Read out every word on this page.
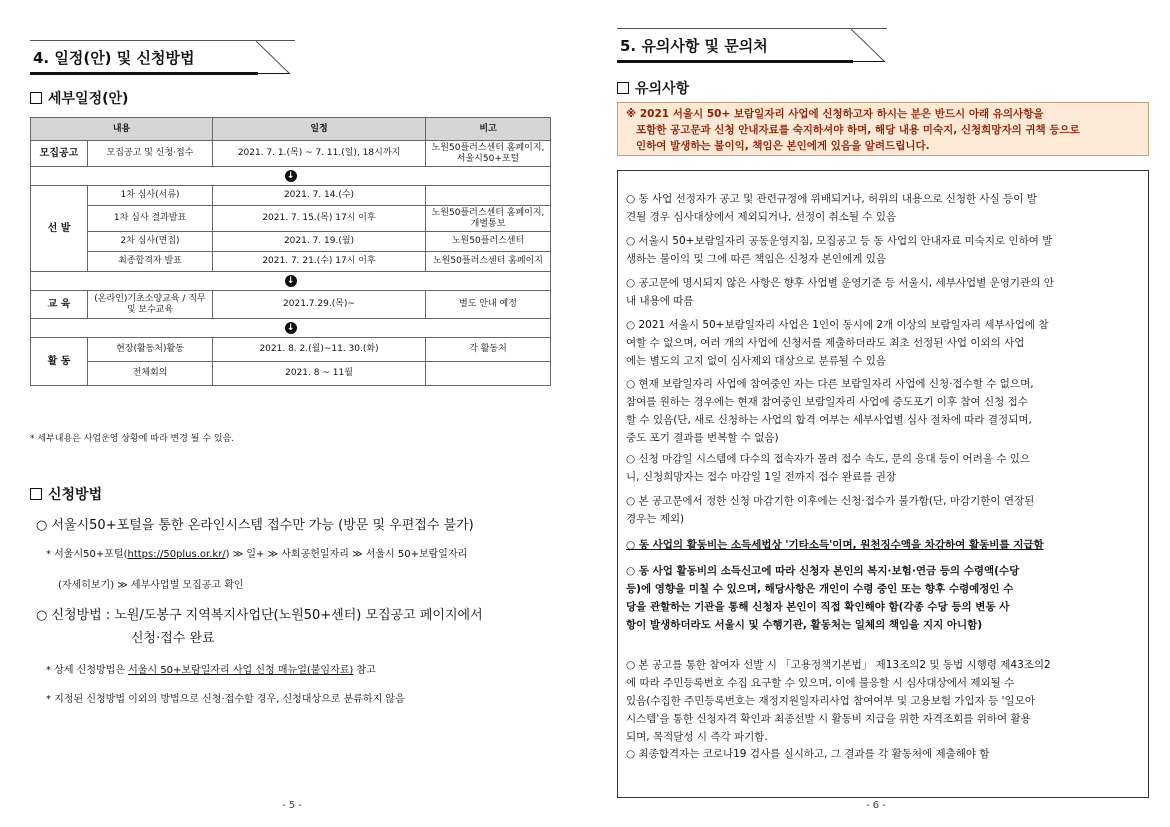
4. 일정(안) 및 신청방법
세부일정(안)
내용		일정	비고
모집공고	모집공고 및 신청·접수	2021. 7. 1.(목) ~ 7. 11.(일), 18시까지	노원50플러스센터 홈페이지, 서울시50+포털
↓			
선 발	1차 심사(서류)	2021. 7. 14.(수)	
	1차 심사 결과발표	2021. 7. 15.(목) 17시 이후	노원50플러스센터 홈페이지, 개별통보
	2차 심사(면접)	2021. 7. 19.(월)	노원50플러스센터
	최종합격자 발표	2021. 7. 21.(수) 17시 이후	노원50플러스센터 홈페이지
↓			
교 육	(온라인)기초소양교육 / 직무 및 보수교육	2021.7.29.(목)~	별도 안내 예정
↓			
활 동	현장(활동처)활동	2021. 8. 2.(월)~11. 30.(화)	각 활동처
	전체회의	2021. 8 ~ 11월	
* 세부내용은 사업운영 상황에 따라 변경 될 수 있음.
신청방법
○ 서울시50+포털을 통한 온라인시스템 접수만 가능 (방문 및 우편접수 불가)
* 서울시50+포털(https://50plus.or.kr/) ≫ 일+ ≫ 사회공헌일자리 ≫ 서울시 50+보람일자리
(자세히보기) ≫ 세부사업별 모집공고 확인
○ 신청방법 : 노원/도봉구 지역복지사업단(노원50+센터) 모집공고 페이지에서
신청·접수 완료
* 상세 신청방법은 서울시 50+보람일자리 사업 신청 매뉴얼(붙임자료) 참고
* 지정된 신청방법 이외의 방법으로 신청·접수할 경우, 신청대상으로 분류하지 않음
- 5 -
5. 유의사항 및 문의처
유의사항
※ 2021 서울시 50+ 보람일자리 사업에 신청하고자 하시는 분은 반드시 아래 유의사항을
포함한 공고문과 신청 안내자료를 숙지하셔야 하며, 해당 내용 미숙지, 신청희망자의 귀책 등으로
인하여 발생하는 불이익, 책임은 본인에게 있음을 알려드립니다.
○ 동 사업 선정자가 공고 및 관련규정에 위배되거나, 허위의 내용으로 신청한 사실 등이 발
견될 경우 심사대상에서 제외되거나, 선정이 취소될 수 있음
○ 서울시 50+보람일자리 공동운영지침, 모집공고 등 동 사업의 안내자료 미숙지로 인하여 발
생하는 불이익 및 그에 따른 책임은 신청자 본인에게 있음
○ 공고문에 명시되지 않은 사항은 향후 사업별 운영기준 등 서울시, 세부사업별 운영기관의 안
내 내용에 따름
○ 2021 서울시 50+보람일자리 사업은 1인이 동시에 2개 이상의 보람일자리 세부사업에 참
여할 수 없으며, 여러 개의 사업에 신청서를 제출하더라도 최초 선정된 사업 이외의 사업
에는 별도의 고지 없이 심사제외 대상으로 분류될 수 있음
○ 현재 보람일자리 사업에 참여중인 자는 다른 보람일자리 사업에 신청·접수할 수 없으며,
참여를 원하는 경우에는 현재 참여중인 보람일자리 사업에 중도포기 이후 참여 신청 접수
할 수 있음(단, 새로 신청하는 사업의 합격 여부는 세부사업별 심사 절차에 따라 결정되며,
중도 포기 결과를 번복할 수 없음)
○ 신청 마감일 시스템에 다수의 접속자가 몰려 접수 속도, 문의 응대 등이 어려울 수 있으
니, 신청희망자는 접수 마감일 1일 전까지 접수 완료를 권장
○ 본 공고문에서 정한 신청 마감기한 이후에는 신청·접수가 불가함(단, 마감기한이 연장된
경우는 제외)
○ 동 사업의 활동비는 소득세법상 '기타소득'이며, 원천징수액을 차감하여 활동비를 지급함
○ 동 사업 활동비의 소득신고에 따라 신청자 본인의 복지·보험·연금 등의 수령액(수당
등)에 영향을 미칠 수 있으며, 해당사항은 개인이 수령 중인 또는 향후 수령예정인 수
당을 관할하는 기관을 통해 신청자 본인이 직접 확인해야 함(각종 수당 등의 변동 사
항이 발생하더라도 서울시 및 수행기관, 활동처는 일체의 책임을 지지 아니함)
○ 본 공고를 통한 참여자 선발 시 「고용정책기본법」 제13조의2 및 동법 시행령 제43조의2
에 따라 주민등록번호 수집 요구할 수 있으며, 이에 불응할 시 심사대상에서 제외될 수
있음(수집한 주민등록번호는 재정지원일자리사업 참여여부 및 고용보험 가입자 등 '일모아
시스템'을 통한 신청자격 확인과 최종선발 시 활동비 지급을 위한 자격조회를 위하여 활용
되며, 목적달성 시 즉각 파기함.
○ 최종합격자는 코로나19 검사를 실시하고, 그 결과를 각 활동처에 제출해야 함
- 6 -
